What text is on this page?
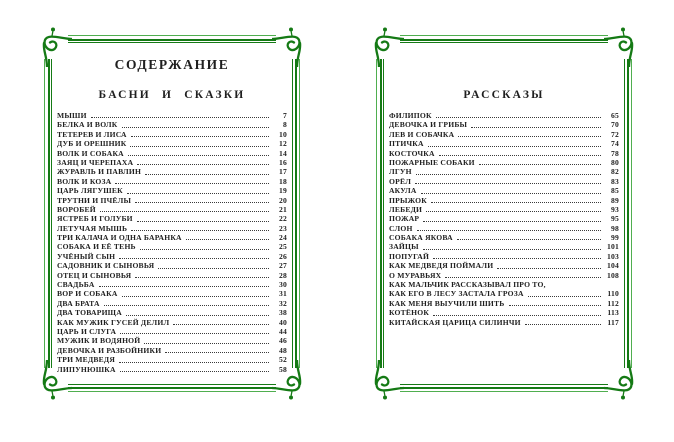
СОДЕРЖАНИЕ
БАСНИ И СКАЗКИ
МЫШИ	7
БЕЛКА И ВОЛК	8
ТЕТЕРЕВ И ЛИСА	10
ДУБ И ОРЕШНИК	12
ВОЛК И СОБАКА	14
ЗАЯЦ И ЧЕРЕПАХА	16
ЖУРАВЛЬ И ПАВЛИН	17
ВОЛК И КОЗА	18
ЦАРЬ ЛЯГУШЕК	19
ТРУТНИ И ПЧЁЛЫ	20
ВОРОБЕЙ	21
ЯСТРЕБ И ГОЛУБИ	22
ЛЕТУЧАЯ МЫШЬ	23
ТРИ КАЛАЧА И ОДНА БАРАНКА	24
СОБАКА И ЕЁ ТЕНЬ	25
УЧЁНЫЙ СЫН	26
САДОВНИК И СЫНОВЬЯ	27
ОТЕЦ И СЫНОВЬЯ	28
СВАДЬБА	30
ВОР И СОБАКА	31
ДВА БРАТА	32
ДВА ТОВАРИЩА	38
КАК МУЖИК ГУСЕЙ ДЕЛИЛ	40
ЦАРЬ И СЛУГА	44
МУЖИК И ВОДЯНОЙ	46
ДЕВОЧКА И РАЗБОЙНИКИ	48
ТРИ МЕДВЕДЯ	52
ЛИПУНЮШКА	58
РАССКАЗЫ
ФИЛИПОК	65
ДЕВОЧКА И ГРИБЫ	70
ЛЕВ И СОБАЧКА	72
ПТИЧКА	74
КОСТОЧКА	78
ПОЖАРНЫЕ СОБАКИ	80
ЛГУН	82
ОРЁЛ	83
АКУЛА	85
ПРЫЖОК	89
ЛЕБЕДИ	93
ПОЖАР	95
СЛОН	98
СОБАКА ЯКОВА	99
ЗАЙЦЫ	101
ПОПУГАЙ	103
КАК МЕДВЕДЯ ПОЙМАЛИ	104
О МУРАВЬЯХ	108
КАК МАЛЬЧИК РАССКАЗЫВАЛ ПРО ТО,
КАК ЕГО В ЛЕСУ ЗАСТАЛА ГРОЗА	110
КАК МЕНЯ ВЫУЧИЛИ ШИТЬ	112
КОТЁНОК	113
КИТАЙСКАЯ ЦАРИЦА СИЛИНЧИ	117
